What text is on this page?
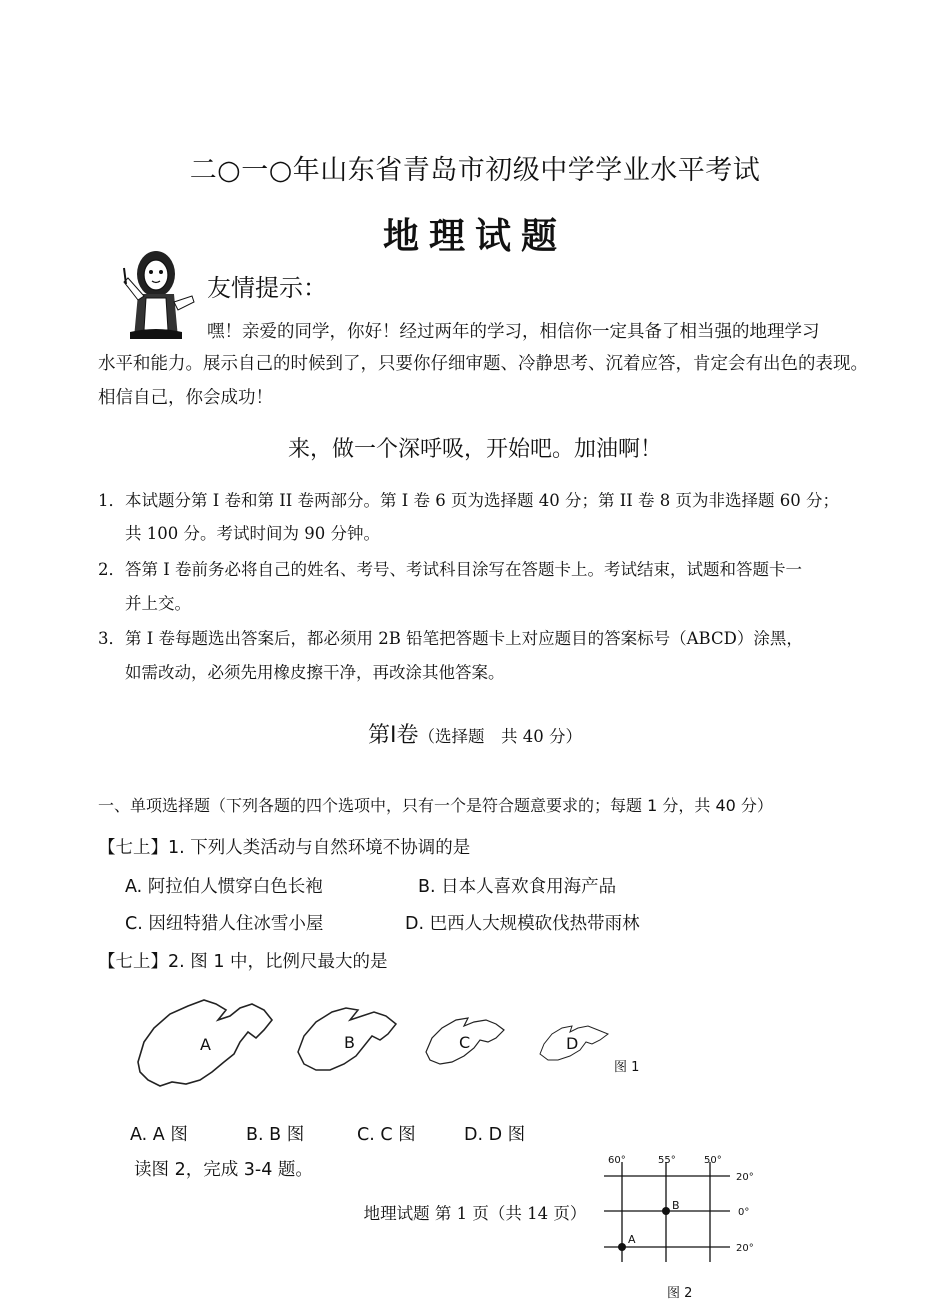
二○一○年山东省青岛市初级中学学业水平考试
地理试题
友情提示：
嘿！亲爱的同学，你好！经过两年的学习，相信你一定具备了相当强的地理学习
水平和能力。展示自己的时候到了，只要你仔细审题、冷静思考、沉着应答，肯定会有出色的表现。
相信自己，你会成功！
来，做一个深呼吸，开始吧。加油啊！
1． 本试题分第 I 卷和第 II 卷两部分。第 I 卷 6 页为选择题 40 分；第 II 卷 8 页为非选择题 60 分；
共 100 分。考试时间为 90 分钟。
2． 答第 I 卷前务必将自己的姓名、考号、考试科目涂写在答题卡上。考试结束，试题和答题卡一
并上交。
3． 第 I 卷每题选出答案后，都必须用 2B 铅笔把答题卡上对应题目的答案标号（ABCD）涂黑，
如需改动，必须先用橡皮擦干净，再改涂其他答案。
第Ⅰ卷（选择题　共 40 分）
一、单项选择题（下列各题的四个选项中，只有一个是符合题意要求的；每题 1 分，共 40 分）
【七上】1. 下列人类活动与自然环境不协调的是
A. 阿拉伯人惯穿白色长袍	B. 日本人喜欢食用海产品
C. 因纽特猎人住冰雪小屋	D. 巴西人大规模砍伐热带雨林
【七上】2. 图 1 中，比例尺最大的是
A	B	C	D
图 1
A. A 图	B. B 图	C. C 图	D. D 图
读图 2，完成 3-4 题。	60°	55°	50°
20°
0°
20°
A
B
图 2
地理试题 第 1 页（共 14 页）
